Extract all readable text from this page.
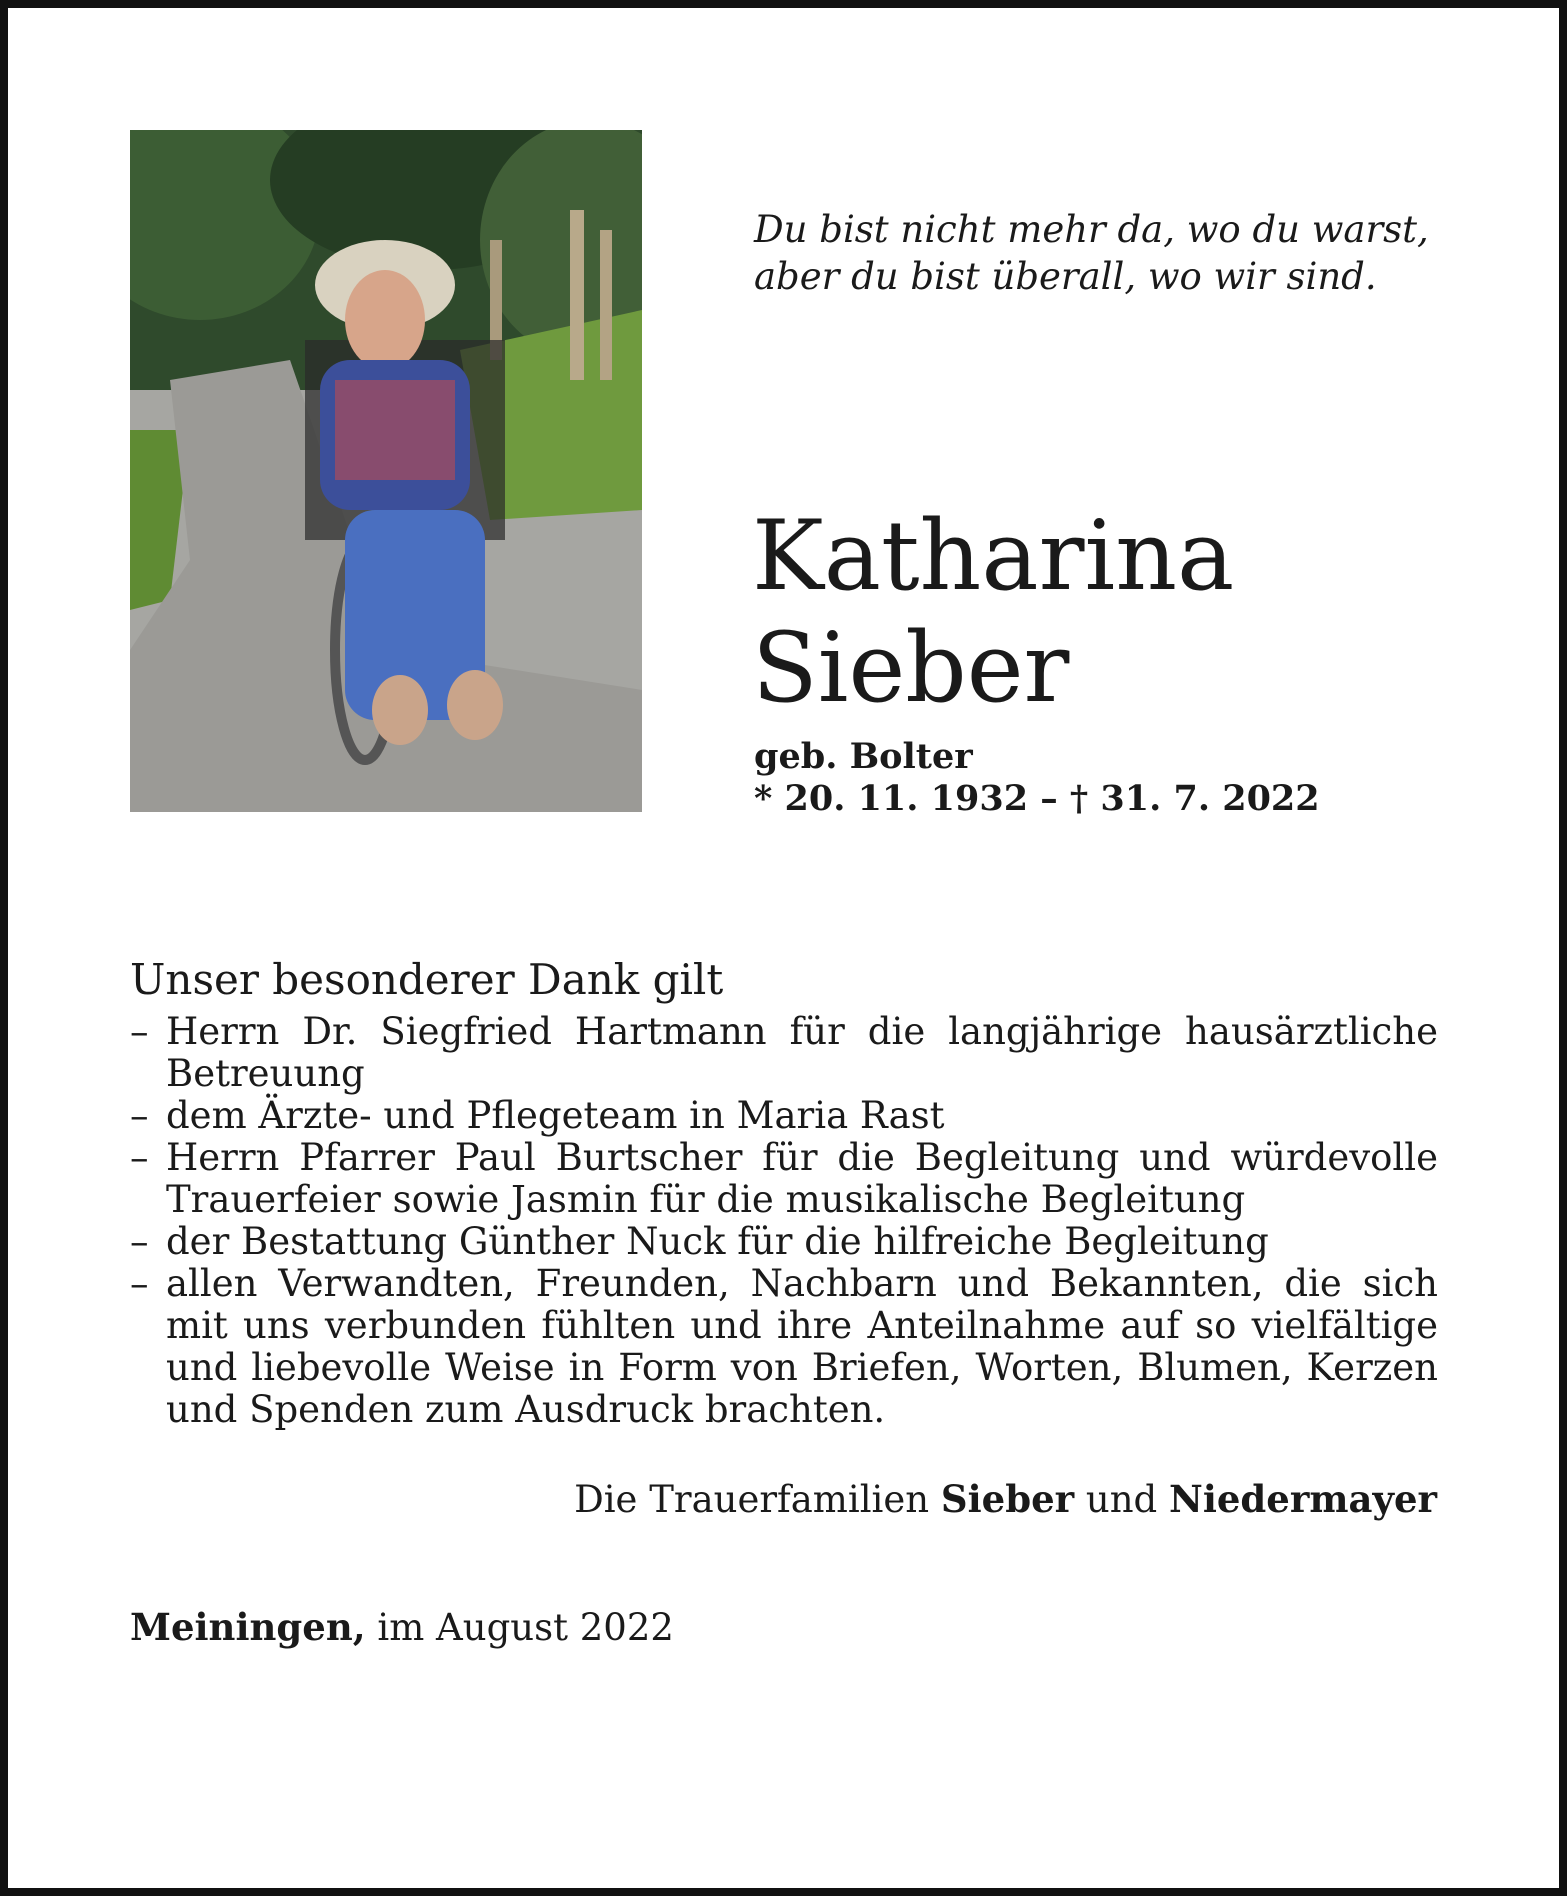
Du bist nicht mehr da, wo du warst,
aber du bist überall, wo wir sind.
Katharina
Sieber
geb. Bolter
* 20. 11. 1932 – † 31. 7. 2022
Unser besonderer Dank gilt
– Herrn Dr. Siegfried Hartmann für die langjährige hausärztliche Betreuung
– dem Ärzte- und Pflegeteam in Maria Rast
– Herrn Pfarrer Paul Burtscher für die Begleitung und würdevolle Trauerfeier sowie Jasmin für die musikalische Begleitung
– der Bestattung Günther Nuck für die hilfreiche Begleitung
– allen Verwandten, Freunden, Nachbarn und Bekannten, die sich mit uns verbunden fühlten und ihre Anteilnahme auf so vielfältige und liebevolle Weise in Form von Briefen, Worten, Blumen, Kerzen und Spenden zum Ausdruck brachten.
Die Trauerfamilien Sieber und Niedermayer
Meiningen, im August 2022
